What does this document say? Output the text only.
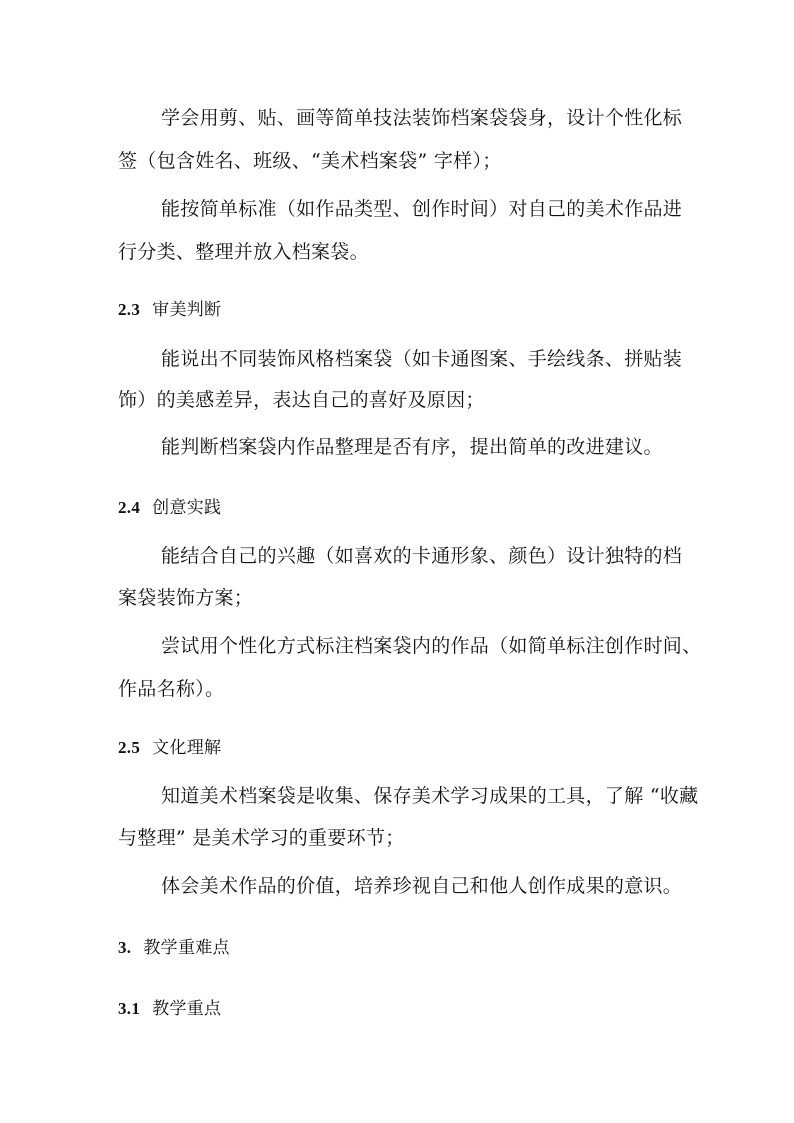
学会用剪、贴、画等简单技法装饰档案袋袋身，设计个性化标
签（包含姓名、班级、“美术档案袋” 字样）；
能按简单标准（如作品类型、创作时间）对自己的美术作品进
行分类、整理并放入档案袋。
2.3 审美判断
能说出不同装饰风格档案袋（如卡通图案、手绘线条、拼贴装
饰）的美感差异，表达自己的喜好及原因；
能判断档案袋内作品整理是否有序，提出简单的改进建议。
2.4 创意实践
能结合自己的兴趣（如喜欢的卡通形象、颜色）设计独特的档
案袋装饰方案；
尝试用个性化方式标注档案袋内的作品（如简单标注创作时间、
作品名称）。
2.5 文化理解
知道美术档案袋是收集、保存美术学习成果的工具，了解 “收藏
与整理” 是美术学习的重要环节；
体会美术作品的价值，培养珍视自己和他人创作成果的意识。
3. 教学重难点
3.1 教学重点
